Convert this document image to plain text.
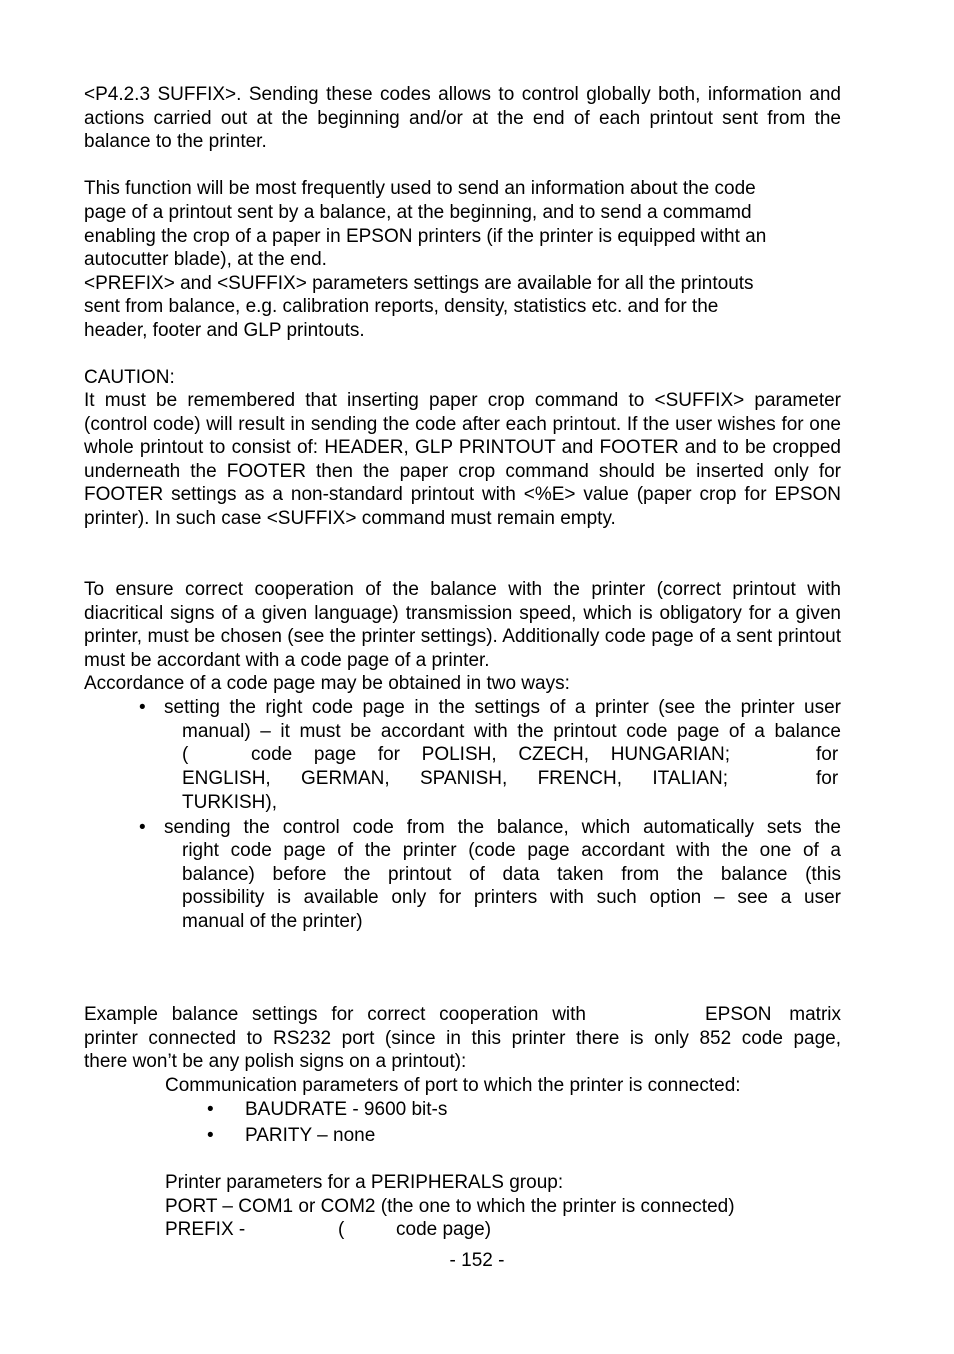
<P4.2.3 SUFFIX>. Sending these codes allows to control globally both, information and actions carried out at the beginning and/or at the end of each printout sent from the balance to the printer.

This function will be most frequently used to send an information about the code
page of a printout sent by a balance, at the beginning, and to send a commamd
enabling the crop of a paper in EPSON printers (if the printer is equipped witht an
autocutter blade), at the end.
<PREFIX> and <SUFFIX> parameters settings are available for all the printouts
sent from balance, e.g. calibration reports, density, statistics etc. and for the
header, footer and GLP printouts.
CAUTION:

It must be remembered that inserting paper crop command to <SUFFIX> parameter (control code) will result in sending the code after each printout. If the user wishes for one whole printout to consist of: HEADER, GLP PRINTOUT and FOOTER and to be cropped underneath the FOOTER then the paper crop command should be inserted only for FOOTER settings as a non-standard printout with <%E> value (paper crop for EPSON printer). In such case <SUFFIX> command must remain empty.

To ensure correct cooperation of the balance with the printer (correct printout with diacritical signs of a given language) transmission speed, which is obligatory for a given printer, must be chosen (see the printer settings). Additionally code page of a sent printout must be accordant with a code page of a printer.

Accordance of a code page may be obtained in two ways:
• setting the right code page in the settings of a printer (see the printer user
manual) – it must be accordant with the printout code page of a balance
(	code page for POLISH, CZECH, HUNGARIAN;	for
ENGLISH, GERMAN, SPANISH, FRENCH, ITALIAN;	for
TURKISH),
• sending the control code from the balance, which automatically sets the
right code page of the printer (code page accordant with the one of a
balance) before the printout of data taken from the balance (this
possibility is available only for printers with such option – see a user
manual of the printer)
Example balance settings for correct cooperation with	EPSON matrix
printer connected to RS232 port (since in this printer there is only 852 code page,
there won’t be any polish signs on a printout):
Communication parameters of port to which the printer is connected:
• BAUDRATE - 9600 bit-s
• PARITY – none
Printer parameters for a PERIPHERALS group:
PORT – COM1 or COM2 (the one to which the printer is connected)
PREFIX -	(	code page)
- 152 -
